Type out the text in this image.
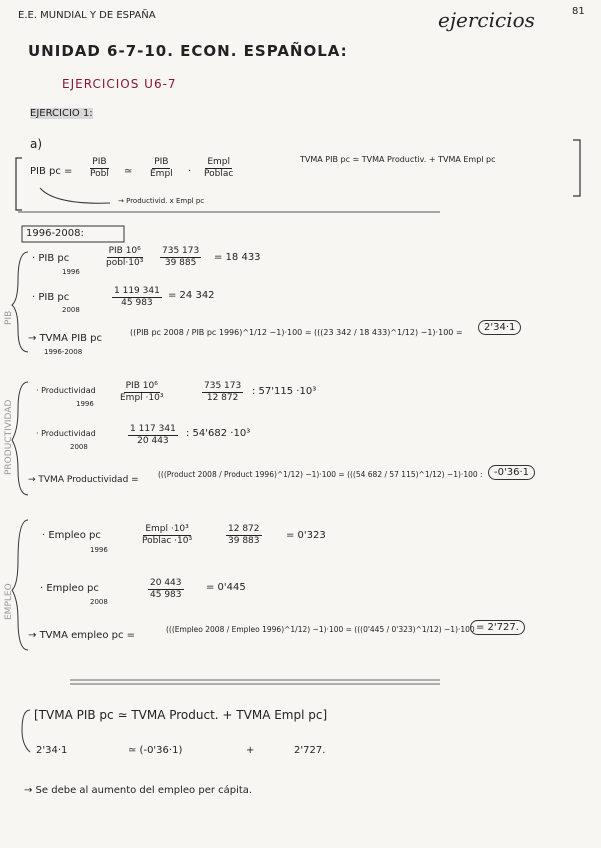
E.E. MUNDIAL Y DE ESPAÑA	ejercicios	81
UNIDAD 6-7-10. ECON. ESPAÑOLA:
EJERCICIOS U6-7
EJERCICIO 1:
a)
PIB pc =
PIB
Pobl ≃
PIB
Empl ·
Empl
Poblac
→ Productivid. x Empl pc
TVMA PIB pc ≃ TVMA Productiv. + TVMA Empl pc
1996-2008:
PIB
PRODUCTIVIDAD
EMPLEO
· PIB pc
1996
PIB 10⁶
pobl·10³ $\frac{735 173}{39 885} = 18$ 433
· PIB pc
2008
$\frac{1 119 341}{45 983} = 24$ 342
→ TVMA PIB pc
1996-2008
((PIB pc 2008 / PIB pc 1996)^1/12 −1)·100 = (((23 342 / 18 433)^1/12) −1)·100 =	2'34·1
· Productividad
1996
PIB 10⁶
Empl ·10³	$\frac{735 173}{12 872}$ : 57'115 ·10³
· Productividad
2008	$\frac{1 117 341}{20 443}$ : 54'682 ·10³
→ TVMA Productividad =
(((Product 2008 / Product 1996)^1/12) −1)·100 = (((54 682 / 57 115)^1/12) −1)·100 :	-0'36·1
· Empleo pc
1996
Empl ·10³
Poblac ·10³	$\frac{12 872}{39 883} = 0'323$
· Empleo pc
2008
$\frac{20 443}{45 983} = 0'445$
→ TVMA empleo pc =
(((Empleo 2008 / Empleo 1996)^1/12) −1)·100 = (((0'445 / 0'323)^1/12) −1)·100 = 2'727.
[TVMA PIB pc ≃ TVMA Product. + TVMA Empl pc]
2'34·1	≃ (-0'36·1)	+	2'727.
→ Se debe al aumento del empleo per cápita.
